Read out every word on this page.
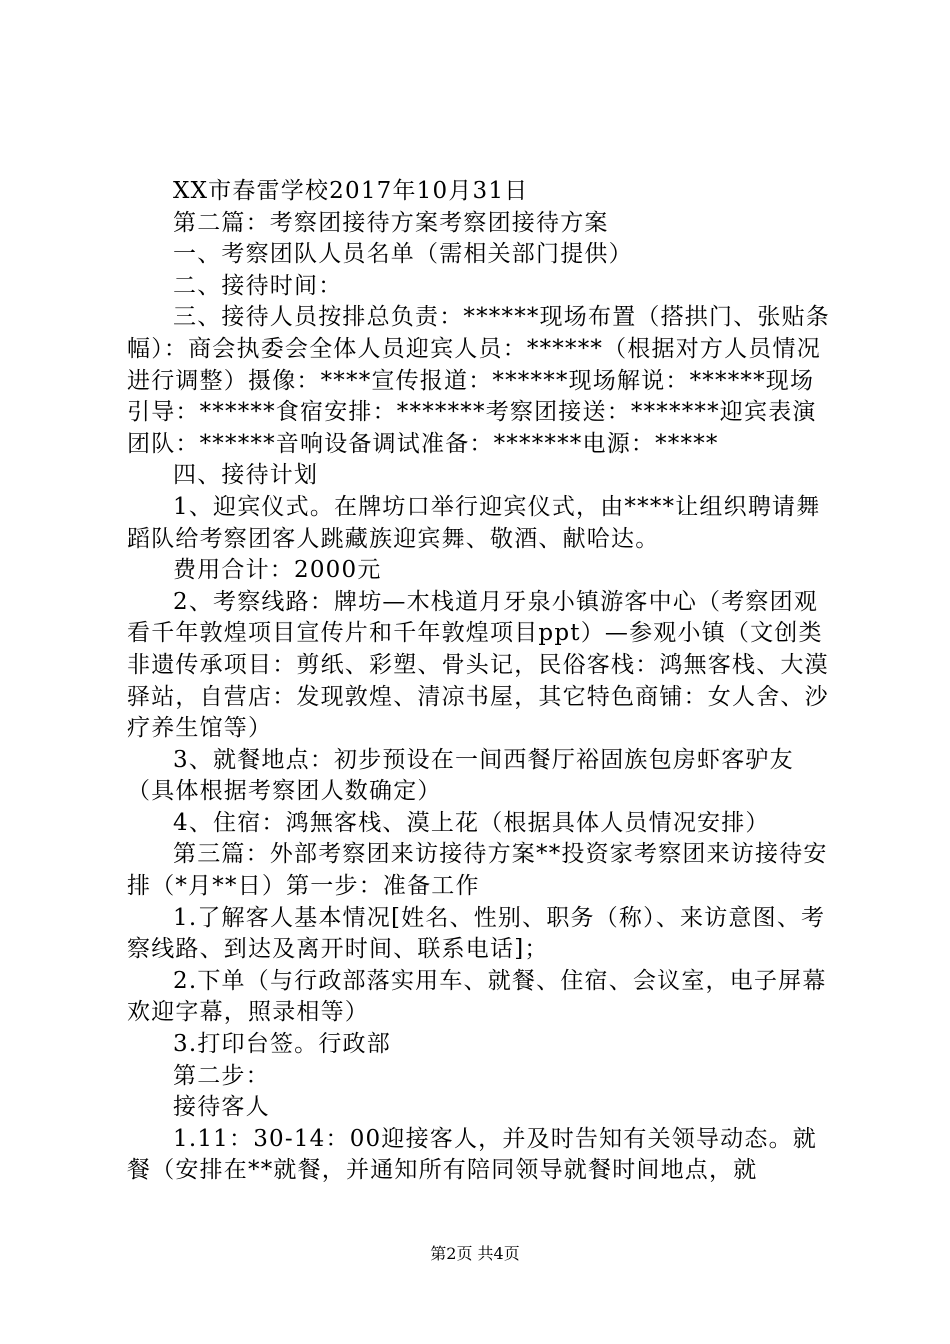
XX市春雷学校2017年10月31日

第二篇：考察团接待方案考察团接待方案

一、考察团队人员名单（需相关部门提供）

二、接待时间：

三、接待人员按排总负责：******现场布置（搭拱门、张贴条幅）：商会执委会全体人员迎宾人员：******（根据对方人员情况进行调整）摄像：****宣传报道：******现场解说：******现场引导：******食宿安排：*******考察团接送：*******迎宾表演团队：******音响设备调试准备：*******电源：*****

四、接待计划

1、迎宾仪式。在牌坊口举行迎宾仪式，由****让组织聘请舞蹈队给考察团客人跳藏族迎宾舞、敬酒、献哈达。

费用合计：2000元

2、考察线路：牌坊—木栈道月牙泉小镇游客中心（考察团观看千年敦煌项目宣传片和千年敦煌项目ppt）—参观小镇（文创类非遗传承项目：剪纸、彩塑、骨头记，民俗客栈：鸿無客栈、大漠驿站，自营店：发现敦煌、清凉书屋，其它特色商铺：女人舍、沙疗养生馆等）

3、就餐地点：初步预设在一间西餐厅裕固族包房虾客驴友（具体根据考察团人数确定）

4、住宿：鸿無客栈、漠上花（根据具体人员情况安排）

第三篇：外部考察团来访接待方案**投资家考察团来访接待安排（*月**日）第一步：准备工作

1.了解客人基本情况[姓名、性别、职务（称）、来访意图、考察线路、到达及离开时间、联系电话]；

2.下单（与行政部落实用车、就餐、住宿、会议室，电子屏幕欢迎字幕，照录相等）

3.打印台签。行政部

第二步：

接待客人

1.11：30-14：00迎接客人，并及时告知有关领导动态。就餐（安排在**就餐，并通知所有陪同领导就餐时间地点，就

第2页 共4页
